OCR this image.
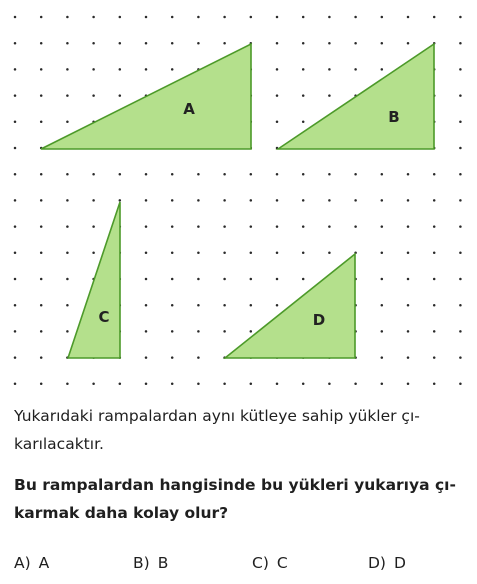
A	B
C	D
Yukarıdaki rampalardan aynı kütleye sahip yükler çı-
karılacaktır.
Bu rampalardan hangisinde bu yükleri yukarıya çı-
karmak daha kolay olur?
A) A	B) B	C) C	D) D
